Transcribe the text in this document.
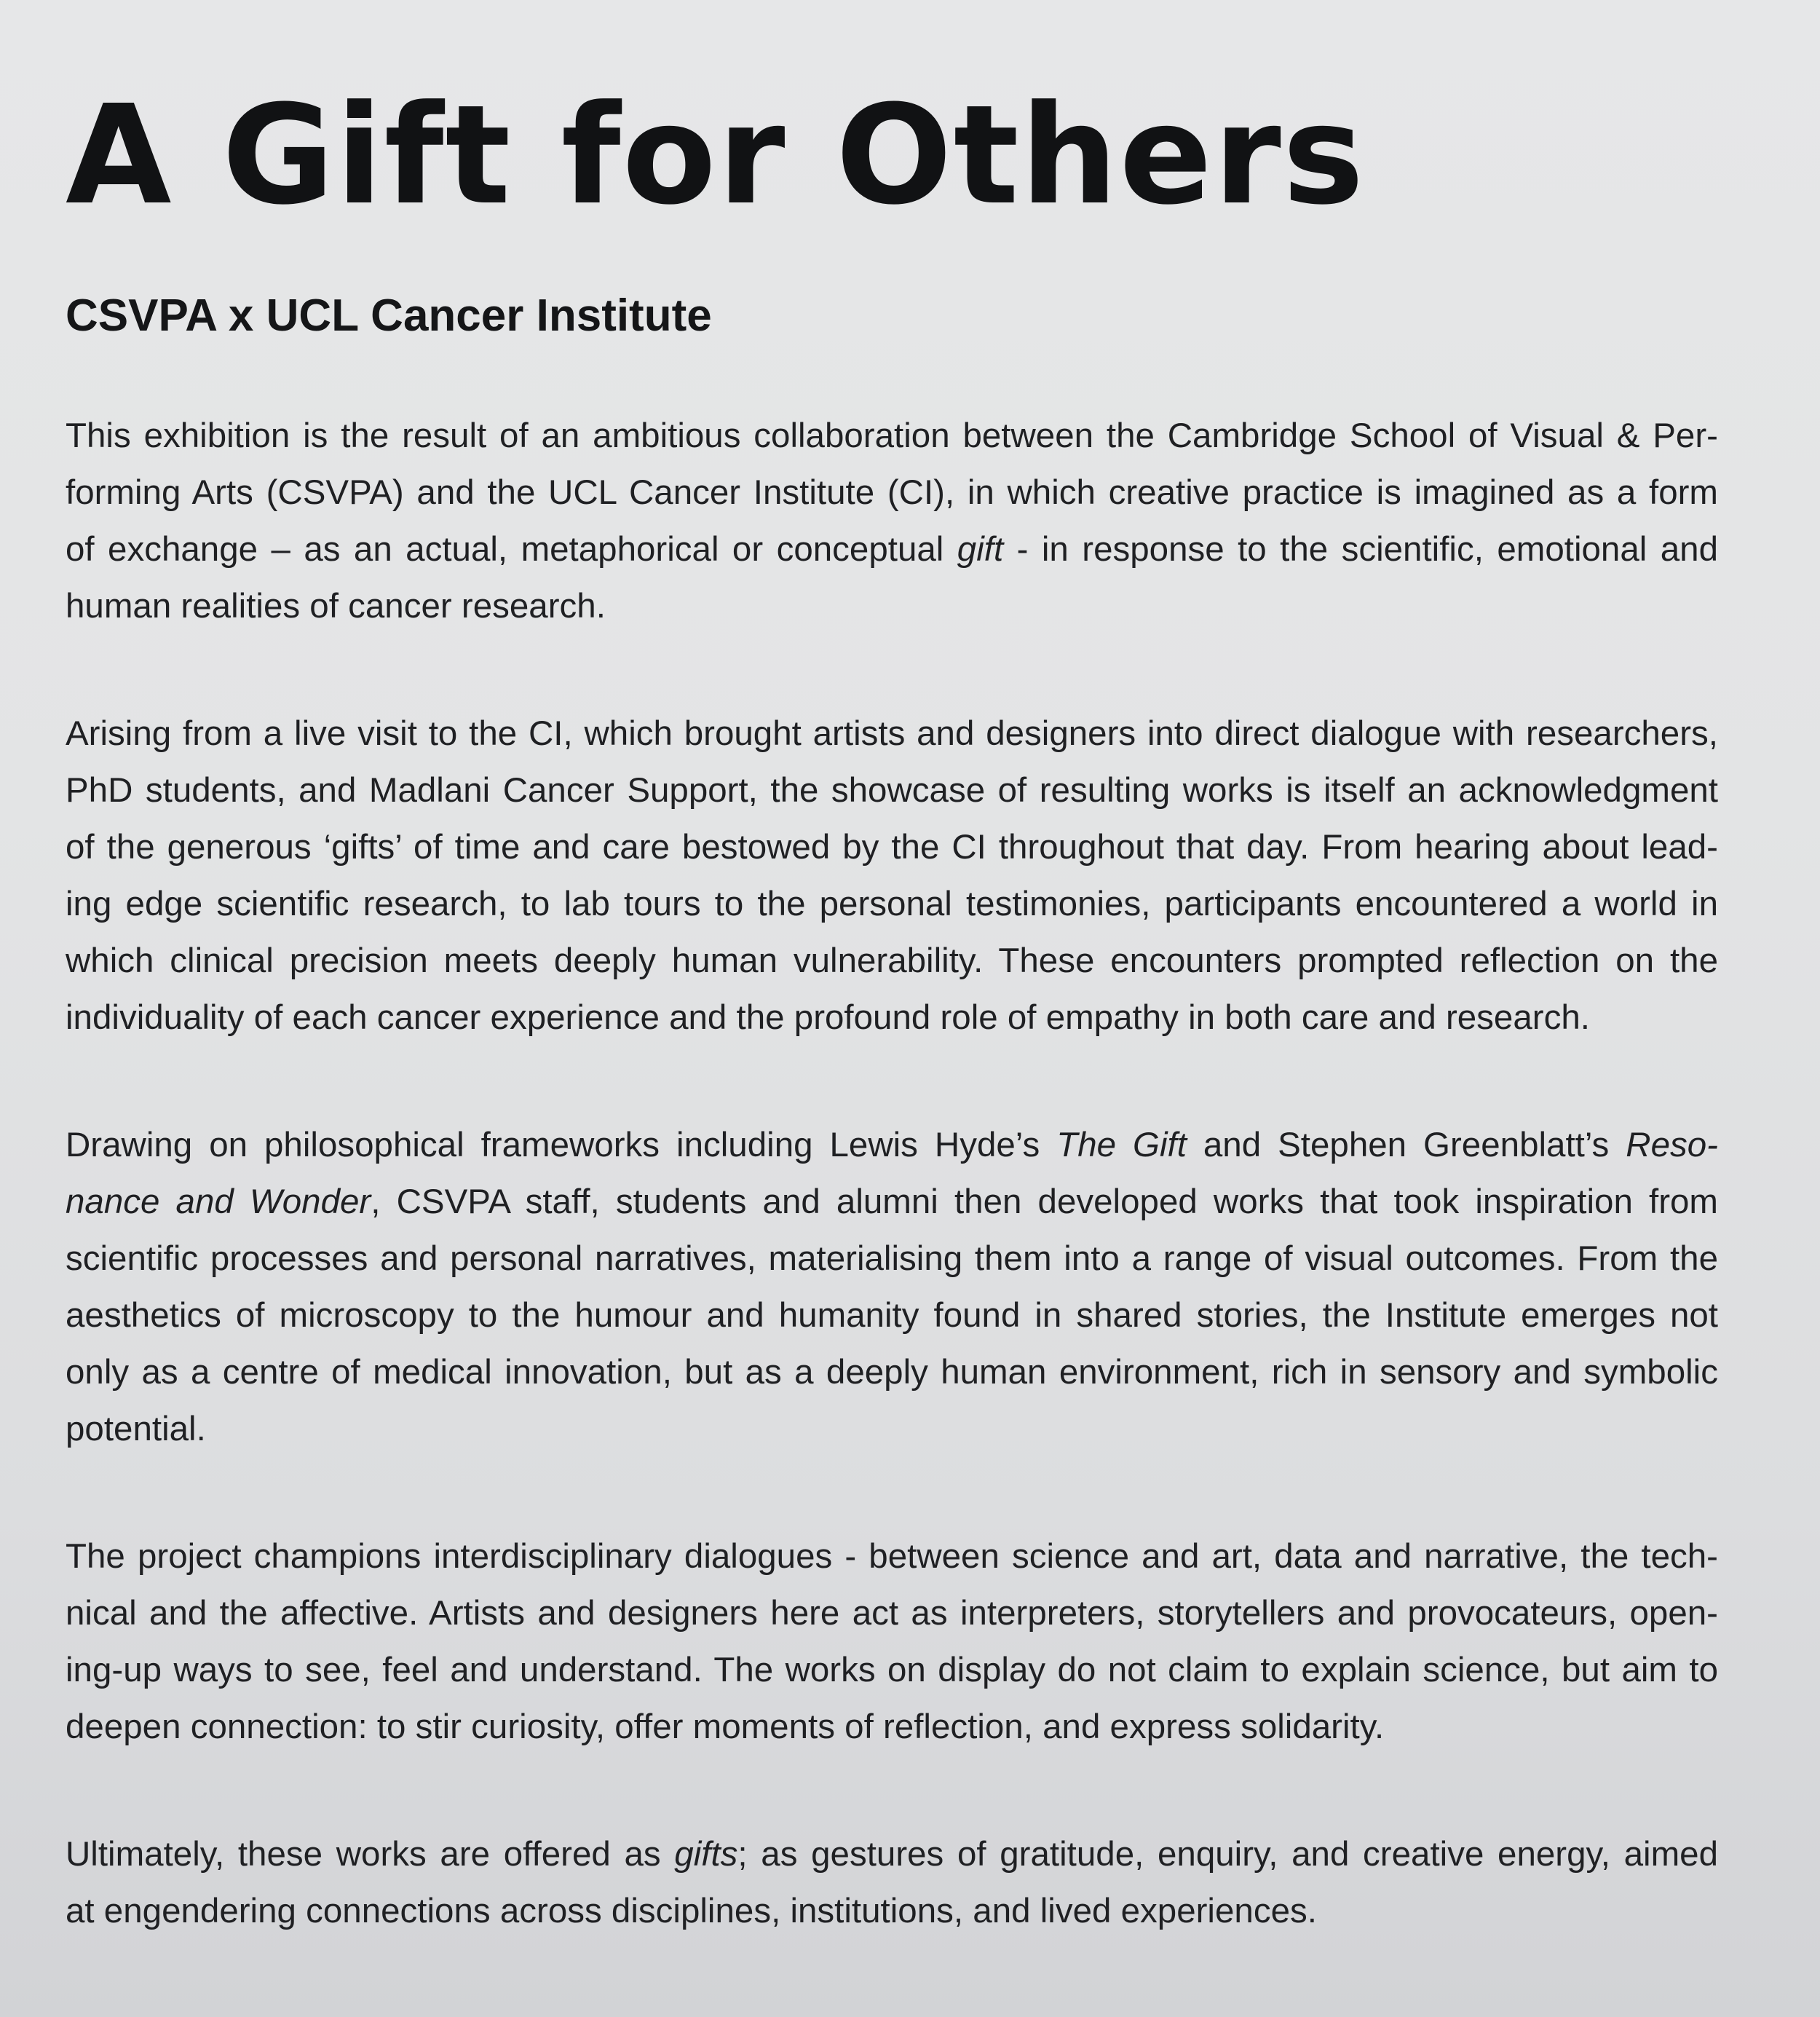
A Gift for Others
CSVPA x UCL Cancer Institute

This exhibition is the result of an ambitious collaboration between the Cambridge School of Visual & Per-
forming Arts (CSVPA) and the UCL Cancer Institute (CI), in which creative practice is imagined as a form
of exchange – as an actual, metaphorical or conceptual gift - in response to the scientific, emotional and
human realities of cancer research.

Arising from a live visit to the CI, which brought artists and designers into direct dialogue with researchers,
PhD students, and Madlani Cancer Support, the showcase of resulting works is itself an acknowledgment
of the generous ‘gifts’ of time and care bestowed by the CI throughout that day. From hearing about lead-
ing edge scientific research, to lab tours to the personal testimonies, participants encountered a world in
which clinical precision meets deeply human vulnerability. These encounters prompted reflection on the
individuality of each cancer experience and the profound role of empathy in both care and research.

Drawing on philosophical frameworks including Lewis Hyde’s The Gift and Stephen Greenblatt’s Reso-
nance and Wonder, CSVPA staff, students and alumni then developed works that took inspiration from
scientific processes and personal narratives, materialising them into a range of visual outcomes. From the
aesthetics of microscopy to the humour and humanity found in shared stories, the Institute emerges not
only as a centre of medical innovation, but as a deeply human environment, rich in sensory and symbolic
potential.

The project champions interdisciplinary dialogues - between science and art, data and narrative, the tech-
nical and the affective. Artists and designers here act as interpreters, storytellers and provocateurs, open-
ing-up ways to see, feel and understand. The works on display do not claim to explain science, but aim to
deepen connection: to stir curiosity, offer moments of reflection, and express solidarity.

Ultimately, these works are offered as gifts; as gestures of gratitude, enquiry, and creative energy, aimed
at engendering connections across disciplines, institutions, and lived experiences.
